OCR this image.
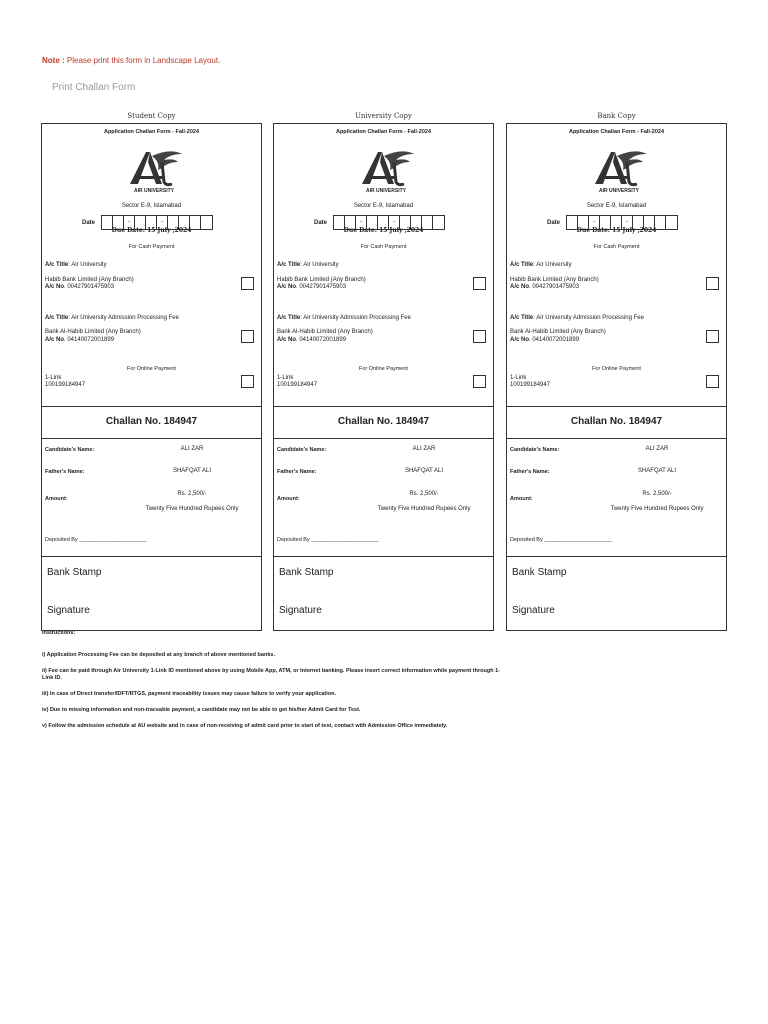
Note : Please print this form in Landscape Layout.
Print Challan Form
Student Copy
Application Challan Form - Fall-2024
AIR UNIVERSITY
Sector E-9, Islamabad
Date	-	-
Due Date: 15 July ,2024
For Cash Payment
A/c Title: Air University
Habib Bank Limited (Any Branch)
A/c No. 00427901475903
A/c Title: Air University Admission Processing Fee
Bank Al-Habib Limited (Any Branch)
A/c No. 04140072001899
For Online Payment
1-Link
100199184947
Challan No. 184947
Candidate's Name:	ALI ZAR
Father's Name:	SHAFQAT ALI
Amount:
Rs. 2,500/-
Twenty Five Hundred Rupees Only
Deposited By ______________________
Bank Stamp
Signature
University Copy
Application Challan Form - Fall-2024
AIR UNIVERSITY
Sector E-9, Islamabad
Date	-	-
Due Date: 15 July ,2024
For Cash Payment
A/c Title: Air University
Habib Bank Limited (Any Branch)
A/c No. 00427901475903
A/c Title: Air University Admission Processing Fee
Bank Al-Habib Limited (Any Branch)
A/c No. 04140072001899
For Online Payment
1-Link
100199184947
Challan No. 184947
Candidate's Name:	ALI ZAR
Father's Name:	SHAFQAT ALI
Amount:
Rs. 2,500/-
Twenty Five Hundred Rupees Only
Deposited By ______________________
Bank Stamp
Signature
Bank Copy
Application Challan Form - Fall-2024
AIR UNIVERSITY
Sector E-9, Islamabad
Date	-	-
Due Date: 15 July ,2024
For Cash Payment
A/c Title: Air University
Habib Bank Limited (Any Branch)
A/c No. 00427901475903
A/c Title: Air University Admission Processing Fee
Bank Al-Habib Limited (Any Branch)
A/c No. 04140072001899
For Online Payment
1-Link
100199184947
Challan No. 184947
Candidate's Name:	ALI ZAR
Father's Name:	SHAFQAT ALI
Amount:
Rs. 2,500/-
Twenty Five Hundred Rupees Only
Deposited By ______________________
Bank Stamp
Signature

Instructions:

i) Application Processing Fee can be deposited at any branch of above mentioned banks.

ii) Fee can be paid through Air University 1-Link ID mentioned above by using Mobile App, ATM, or Internet banking. Please insert correct information while payment through 1-Link ID.

iii) In case of Direct transfer/IDFT/RTGS, payment traceability issues may cause failure to verify your application.

iv) Due to missing information and non-traceable payment, a candidate may not be able to get his/her Admit Card for Test.

v) Follow the admission schedule at AU website and in case of non-receiving of admit card prior to start of test, contact with Admission Office immediately.
